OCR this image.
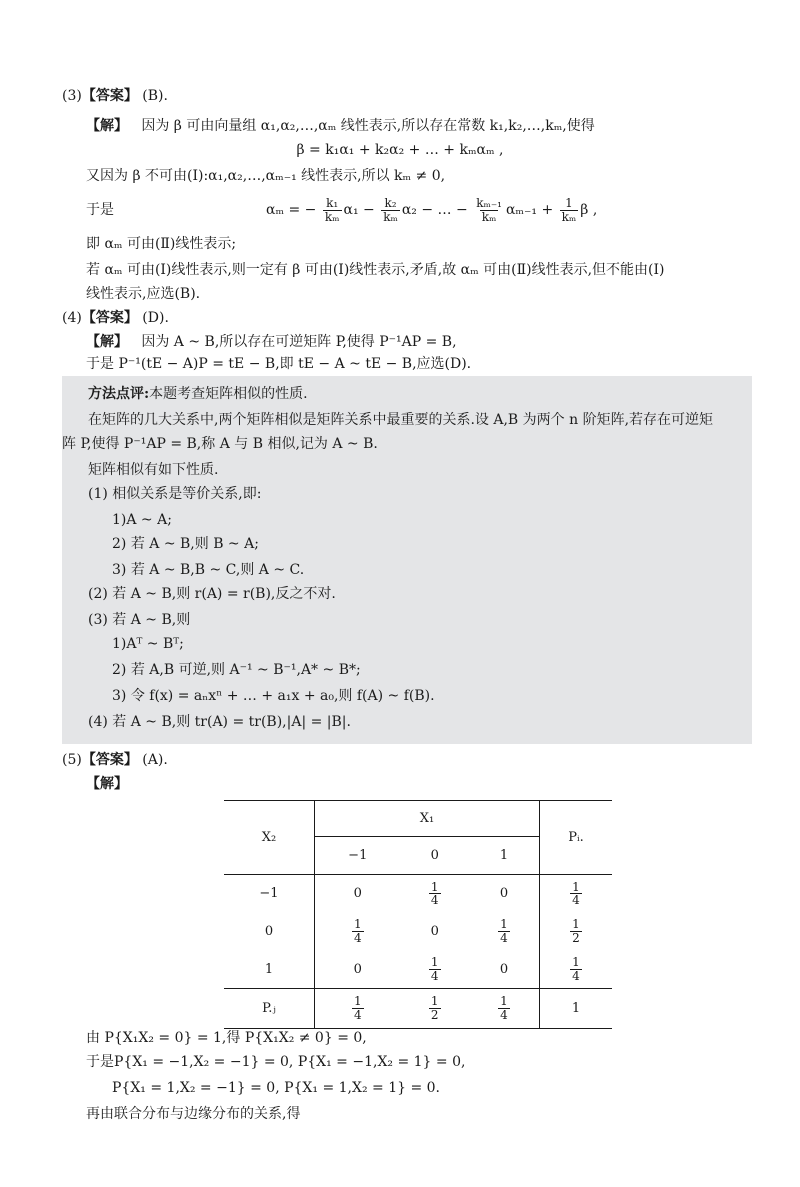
(3)【答案】 (B).
【解】 因为 β 可由向量组 α₁,α₂,…,αₘ 线性表示,所以存在常数 k₁,k₂,…,kₘ,使得
β = k₁α₁ + k₂α₂ + … + kₘαₘ ,
又因为 β 不可由(Ⅰ):α₁,α₂,…,αₘ₋₁ 线性表示,所以 kₘ ≠ 0,
于是	αₘ = − $\frac{\text{k₁}}{\text{kₘ}} \alpha_1 - \frac{\text{k₂}}{\text{kₘ}} \alpha_2$ − … − $\frac{\text{kₘ₋₁}}{\text{kₘ}} \alpha_{m-1} + \frac{1}{\text{kₘ}}$ β ,
即 αₘ 可由(Ⅱ)线性表示;
若 αₘ 可由(Ⅰ)线性表示,则一定有 β 可由(Ⅰ)线性表示,矛盾,故 αₘ 可由(Ⅱ)线性表示,但不能由(Ⅰ)
线性表示,应选(B).
(4)【答案】 (D).
【解】 因为 A ~ B,所以存在可逆矩阵 P,使得 P⁻¹AP = B,
于是 P⁻¹(tE − A)P = tE − B,即 tE − A ~ tE − B,应选(D).
方法点评:本题考查矩阵相似的性质.
在矩阵的几大关系中,两个矩阵相似是矩阵关系中最重要的关系.设 A,B 为两个 n 阶矩阵,若存在可逆矩
阵 P,使得 P⁻¹AP = B,称 A 与 B 相似,记为 A ~ B.
矩阵相似有如下性质.
(1) 相似关系是等价关系,即:
1)A ~ A;
2) 若 A ~ B,则 B ~ A;
3) 若 A ~ B,B ~ C,则 A ~ C.
(2) 若 A ~ B,则 r(A) = r(B),反之不对.
(3) 若 A ~ B,则
1)Aᵀ ~ Bᵀ;
2) 若 A,B 可逆,则 A⁻¹ ~ B⁻¹,A* ~ B*;
3) 令 f(x) = aₙxⁿ + … + a₁x + a₀,则 f(A) ~ f(B).
(4) 若 A ~ B,则 tr(A) = tr(B),|A| = |B|.
(5)【答案】 (A).
【解】
X₂	X₁			Pᵢ.
	−1	0	1	
−1	0	$\frac{1}{4}$	0	$\frac{1}{4}$

0	$\frac{1}{4}$	0	$\frac{1}{4}$	$\frac{1}{2}$

1	0	$\frac{1}{4}$	0	$\frac{1}{4}$

P.ⱼ	$\frac{1}{4}$	$\frac{1}{2}$	$\frac{1}{4}$	1
由 P{X₁X₂ = 0} = 1,得 P{X₁X₂ ≠ 0} = 0,
于是P{X₁ = −1,X₂ = −1} = 0, P{X₁ = −1,X₂ = 1} = 0,
P{X₁ = 1,X₂ = −1} = 0, P{X₁ = 1,X₂ = 1} = 0.
再由联合分布与边缘分布的关系,得
